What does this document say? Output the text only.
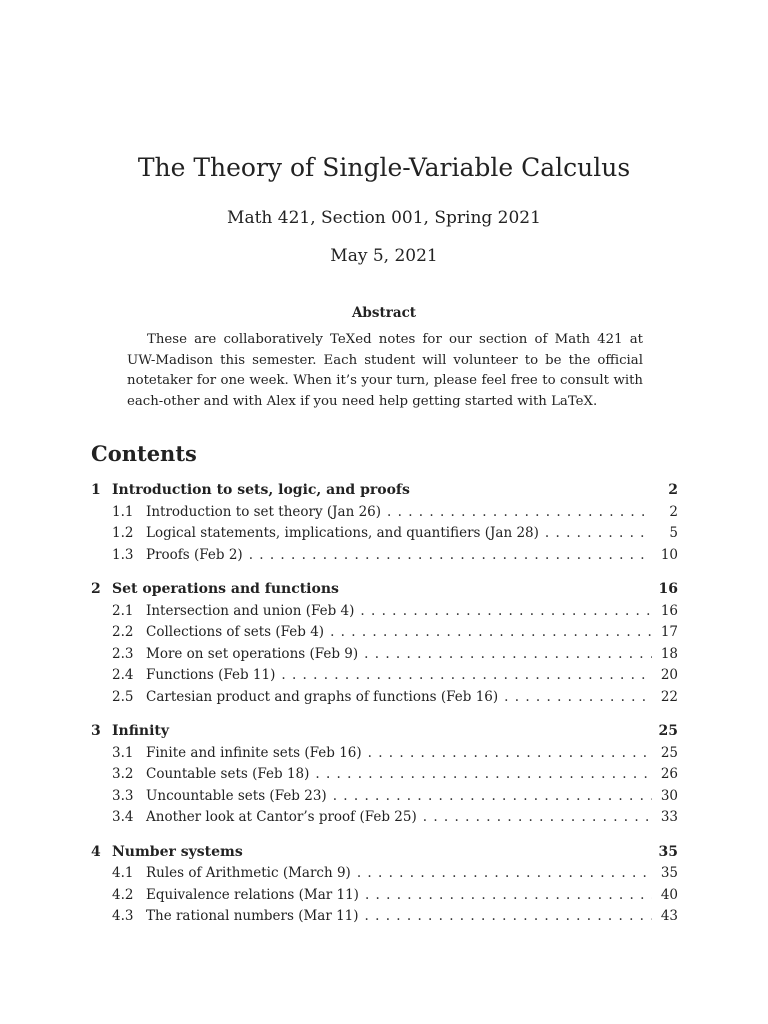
The Theory of Single-Variable Calculus
Math 421, Section 001, Spring 2021
May 5, 2021
Abstract
These are collaboratively TeXed notes for our section of Math 421 at UW-Madison this semester. Each student will volunteer to be the official notetaker for one week. When it’s your turn, please feel free to consult with each-other and with Alex if you need help getting started with LaTeX.
Contents
1 Introduction to sets, logic, and proofs	2
1.1 Introduction to set theory (Jan 26) . . .	2
1.2 Logical statements, implications, and quantifiers (Jan 28) . . .	5
1.3 Proofs (Feb 2) . . .	10
2 Set operations and functions	16
2.1 Intersection and union (Feb 4) . . .	16
2.2 Collections of sets (Feb 4) . . .	17
2.3 More on set operations (Feb 9) . . .	18
2.4 Functions (Feb 11) . . .	20
2.5 Cartesian product and graphs of functions (Feb 16) . . .	22
3 Infinity	25
3.1 Finite and infinite sets (Feb 16) . . .	25
3.2 Countable sets (Feb 18) . . .	26
3.3 Uncountable sets (Feb 23) . . .	30
3.4 Another look at Cantor’s proof (Feb 25) . . .	33
4 Number systems	35
4.1 Rules of Arithmetic (March 9) . . .	35
4.2 Equivalence relations (Mar 11) . . .	40
4.3 The rational numbers (Mar 11) . . .	43
